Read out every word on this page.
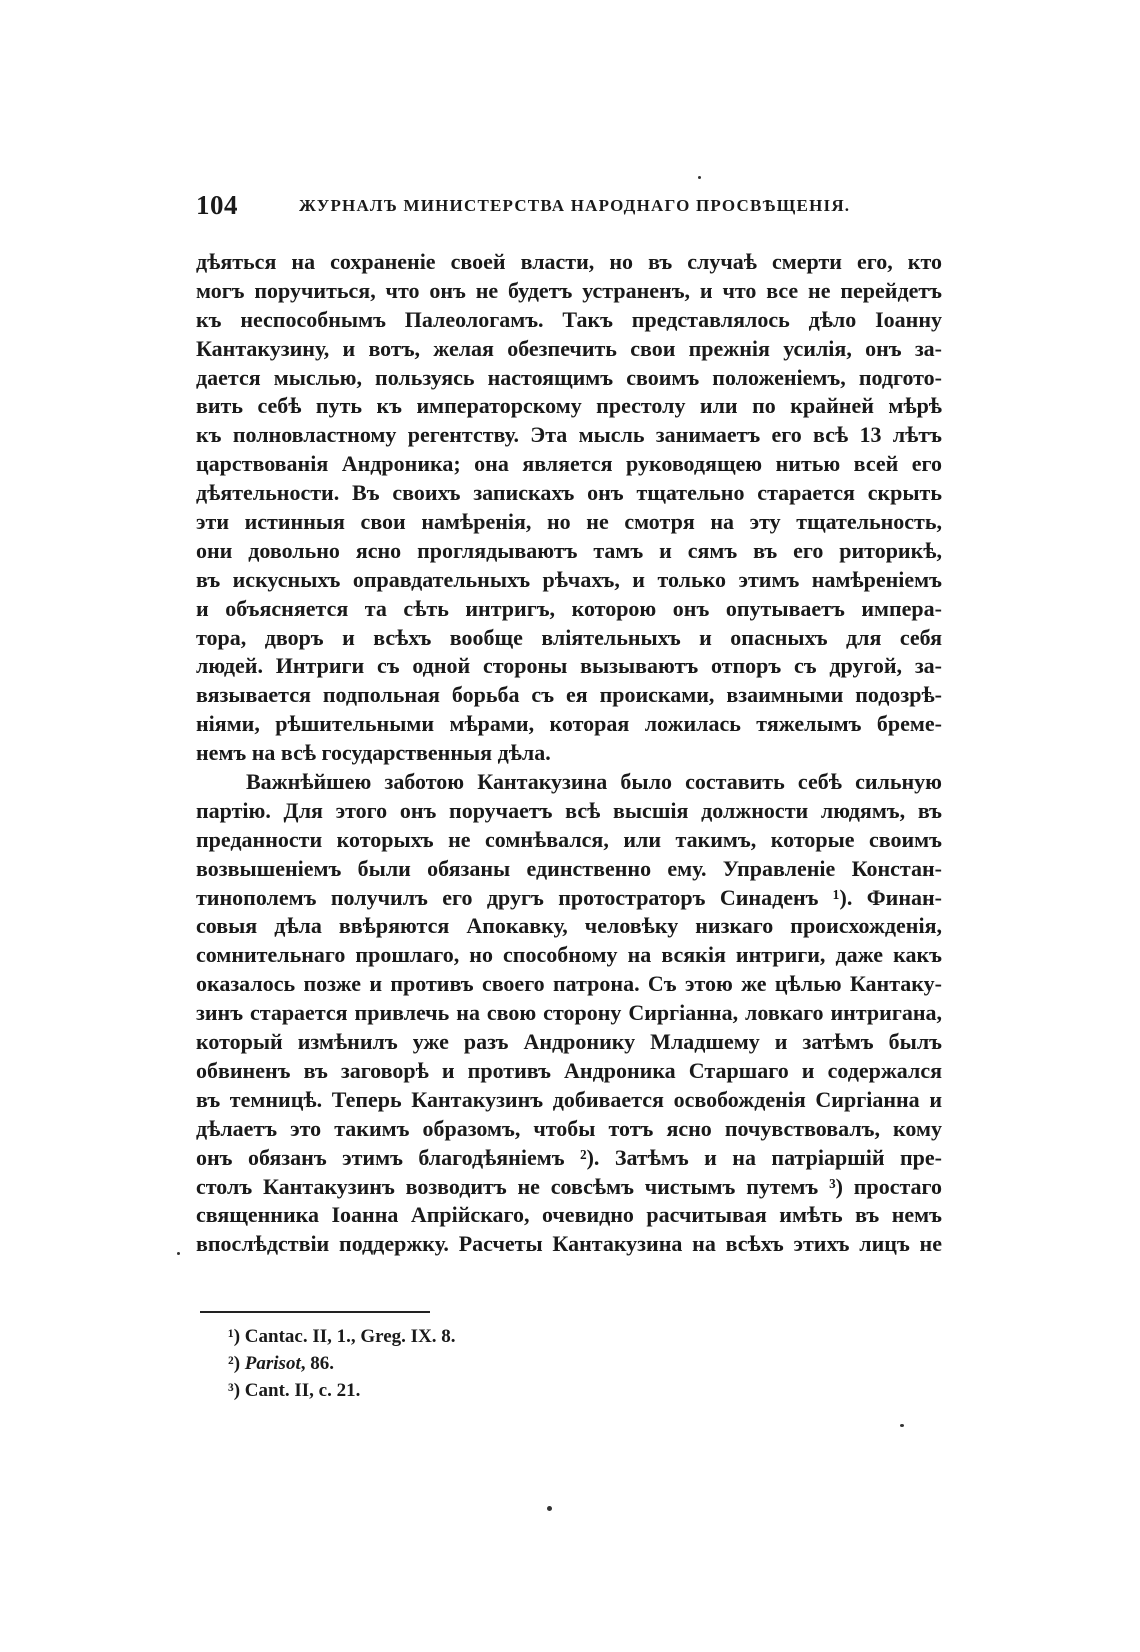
104	ЖУРНАЛЪ МИНИСТЕРСТВА НАРОДНАГО ПРОСВѢЩЕНІЯ.
дѣяться на сохраненіе своей власти, но въ случаѣ смерти его, кто
могъ поручиться, что онъ не будетъ устраненъ, и что все не перейдетъ
къ неспособнымъ Палеологамъ. Такъ представлялось дѣло Іоанну
Кантакузину, и вотъ, желая обезпечить свои прежнія усилія, онъ за-
дается мыслью, пользуясь настоящимъ своимъ положеніемъ, подгото-
вить себѣ путь къ императорскому престолу или по крайней мѣрѣ
къ полновластному регентству. Эта мысль занимаетъ его всѣ 13 лѣтъ
царствованія Андроника; она является руководящею нитью всей его
дѣятельности. Въ своихъ запискахъ онъ тщательно старается скрыть
эти истинныя свои намѣренія, но не смотря на эту тщательность,
они довольно ясно проглядываютъ тамъ и сямъ въ его риторикѣ,
въ искусныхъ оправдательныхъ рѣчахъ, и только этимъ намѣреніемъ
и объясняется та сѣть интригъ, которою онъ опутываетъ импера-
тора, дворъ и всѣхъ вообще вліятельныхъ и опасныхъ для себя
людей. Интриги съ одной стороны вызываютъ отпоръ съ другой, за-
вязывается подпольная борьба съ ея происками, взаимными подозрѣ-
ніями, рѣшительными мѣрами, которая ложилась тяжелымъ бреме-
немъ на всѣ государственныя дѣла.
Важнѣйшею заботою Кантакузина было составить себѣ сильную
партію. Для этого онъ поручаетъ всѣ высшія должности людямъ, въ
преданности которыхъ не сомнѣвался, или такимъ, которые своимъ
возвышеніемъ были обязаны единственно ему. Управленіе Констан-
тинополемъ получилъ его другъ протостраторъ Синаденъ ¹). Финан-
совыя дѣла ввѣряются Апокавку, человѣку низкаго происхожденія,
сомнительнаго прошлаго, но способному на всякія интриги, даже какъ
оказалось позже и противъ своего патрона. Съ этою же цѣлью Кантаку-
зинъ старается привлечь на свою сторону Сиргіанна, ловкаго интригана,
который измѣнилъ уже разъ Андронику Младшему и затѣмъ былъ
обвиненъ въ заговорѣ и противъ Андроника Старшаго и содержался
въ темницѣ. Теперь Кантакузинъ добивается освобожденія Сиргіанна и
дѣлаетъ это такимъ образомъ, чтобы тотъ ясно почувствовалъ, кому
онъ обязанъ этимъ благодѣяніемъ ²). Затѣмъ и на патріаршій пре-
столъ Кантакузинъ возводитъ не совсѣмъ чистымъ путемъ ³) простаго
священника Іоанна Апрійскаго, очевидно расчитывая имѣть въ немъ
впослѣдствіи поддержку. Расчеты Кантакузина на всѣхъ этихъ лицъ не
¹) Cantac. II, 1., Greg. IX. 8.
²) Parisot, 86.
³) Cant. II, c. 21.
